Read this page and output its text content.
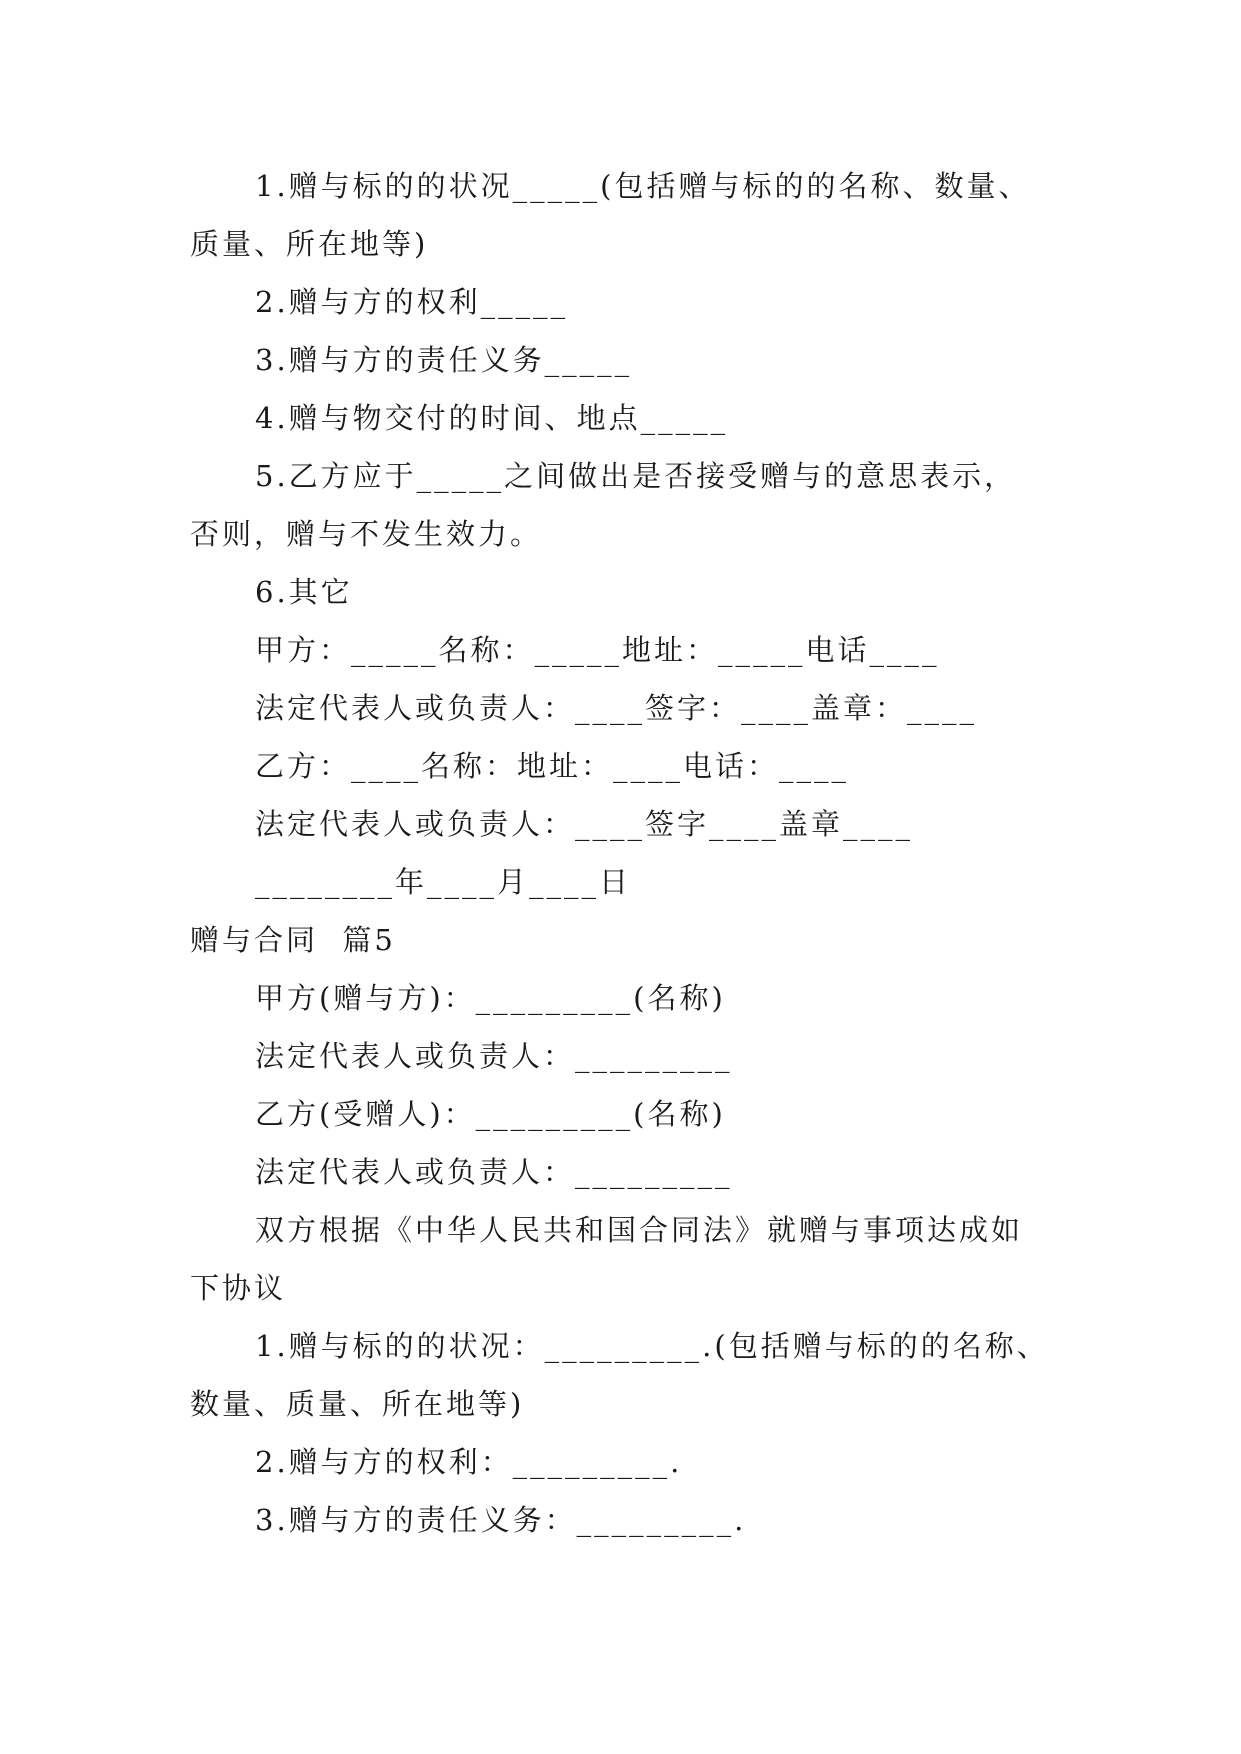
1.赠与标的的状况_____(包括赠与标的的名称、数量、
质量、所在地等)
2.赠与方的权利_____
3.赠与方的责任义务_____
4.赠与物交付的时间、地点_____
5.乙方应于_____之间做出是否接受赠与的意思表示，
否则，赠与不发生效力。
6.其它
甲方：_____名称：_____地址：_____电话____
法定代表人或负责人：____签字：____盖章：____
乙方：____名称：地址：____电话：____
法定代表人或负责人：____签字____盖章____
________年____月____日
赠与合同  篇5
甲方(赠与方)：_________(名称)
法定代表人或负责人：_________
乙方(受赠人)：_________(名称)
法定代表人或负责人：_________
双方根据《中华人民共和国合同法》就赠与事项达成如
下协议
1.赠与标的的状况：_________.(包括赠与标的的名称、
数量、质量、所在地等)
2.赠与方的权利：_________.
3.赠与方的责任义务：_________.
